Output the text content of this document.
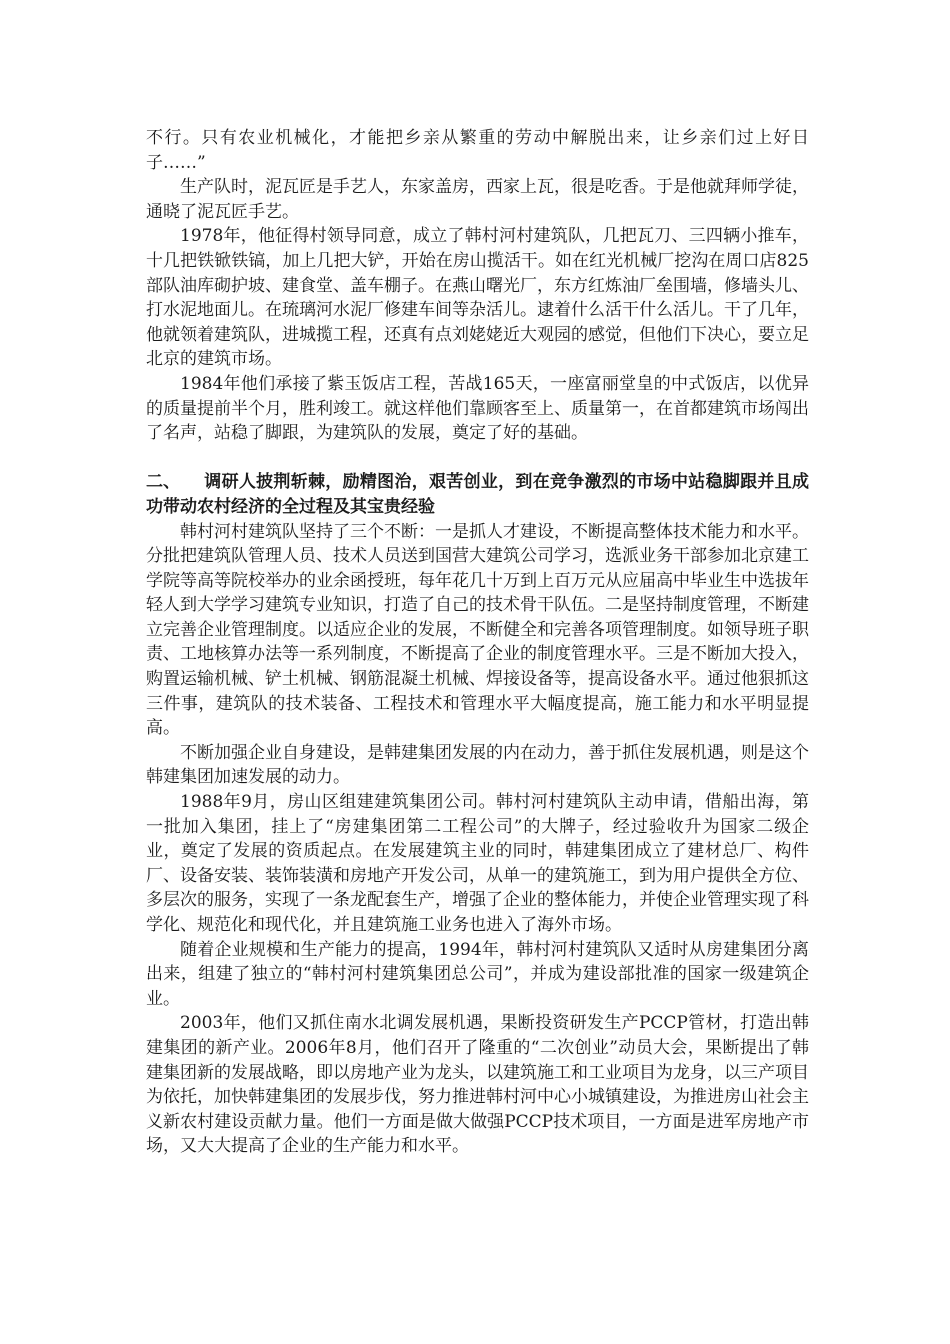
不行。只有农业机械化，才能把乡亲从繁重的劳动中解脱出来，让乡亲们过上好日子……”

生产队时，泥瓦匠是手艺人，东家盖房，西家上瓦，很是吃香。于是他就拜师学徒，通晓了泥瓦匠手艺。

1978年，他征得村领导同意，成立了韩村河村建筑队，几把瓦刀、三四辆小推车，十几把铁锨铁镐，加上几把大铲，开始在房山揽活干。如在红光机械厂挖沟在周口店825部队油库砌护坡、建食堂、盖车棚子。在燕山曙光厂，东方红炼油厂垒围墙，修墙头儿、打水泥地面儿。在琉璃河水泥厂修建车间等杂活儿。逮着什么活干什么活儿。干了几年，他就领着建筑队，进城揽工程，还真有点刘姥姥近大观园的感觉，但他们下决心，要立足北京的建筑市场。

1984年他们承接了紫玉饭店工程，苦战165天，一座富丽堂皇的中式饭店，以优异的质量提前半个月，胜利竣工。就这样他们靠顾客至上、质量第一，在首都建筑市场闯出了名声，站稳了脚跟，为建筑队的发展，奠定了好的基础。

二、 调研人披荆斩棘，励精图治，艰苦创业，到在竞争激烈的市场中站稳脚跟并且成功带动农村经济的全过程及其宝贵经验

韩村河村建筑队坚持了三个不断：一是抓人才建设，不断提高整体技术能力和水平。分批把建筑队管理人员、技术人员送到国营大建筑公司学习，选派业务干部参加北京建工学院等高等院校举办的业余函授班，每年花几十万到上百万元从应届高中毕业生中选拔年轻人到大学学习建筑专业知识，打造了自己的技术骨干队伍。二是坚持制度管理，不断建立完善企业管理制度。以适应企业的发展，不断健全和完善各项管理制度。如领导班子职责、工地核算办法等一系列制度，不断提高了企业的制度管理水平。三是不断加大投入，购置运输机械、铲土机械、钢筋混凝土机械、焊接设备等，提高设备水平。通过他狠抓这三件事，建筑队的技术装备、工程技术和管理水平大幅度提高，施工能力和水平明显提高。

不断加强企业自身建设，是韩建集团发展的内在动力，善于抓住发展机遇，则是这个韩建集团加速发展的动力。

1988年9月，房山区组建建筑集团公司。韩村河村建筑队主动申请，借船出海，第一批加入集团，挂上了“房建集团第二工程公司”的大牌子，经过验收升为国家二级企业，奠定了发展的资质起点。在发展建筑主业的同时，韩建集团成立了建材总厂、构件厂、设备安装、装饰装潢和房地产开发公司，从单一的建筑施工，到为用户提供全方位、多层次的服务，实现了一条龙配套生产，增强了企业的整体能力，并使企业管理实现了科学化、规范化和现代化，并且建筑施工业务也进入了海外市场。

随着企业规模和生产能力的提高，1994年，韩村河村建筑队又适时从房建集团分离出来，组建了独立的“韩村河村建筑集团总公司”，并成为建设部批准的国家一级建筑企业。

2003年，他们又抓住南水北调发展机遇，果断投资研发生产PCCP管材，打造出韩建集团的新产业。2006年8月，他们召开了隆重的“二次创业”动员大会，果断提出了韩建集团新的发展战略，即以房地产业为龙头，以建筑施工和工业项目为龙身，以三产项目为依托，加快韩建集团的发展步伐，努力推进韩村河中心小城镇建设，为推进房山社会主义新农村建设贡献力量。他们一方面是做大做强PCCP技术项目，一方面是进军房地产市场，又大大提高了企业的生产能力和水平。
